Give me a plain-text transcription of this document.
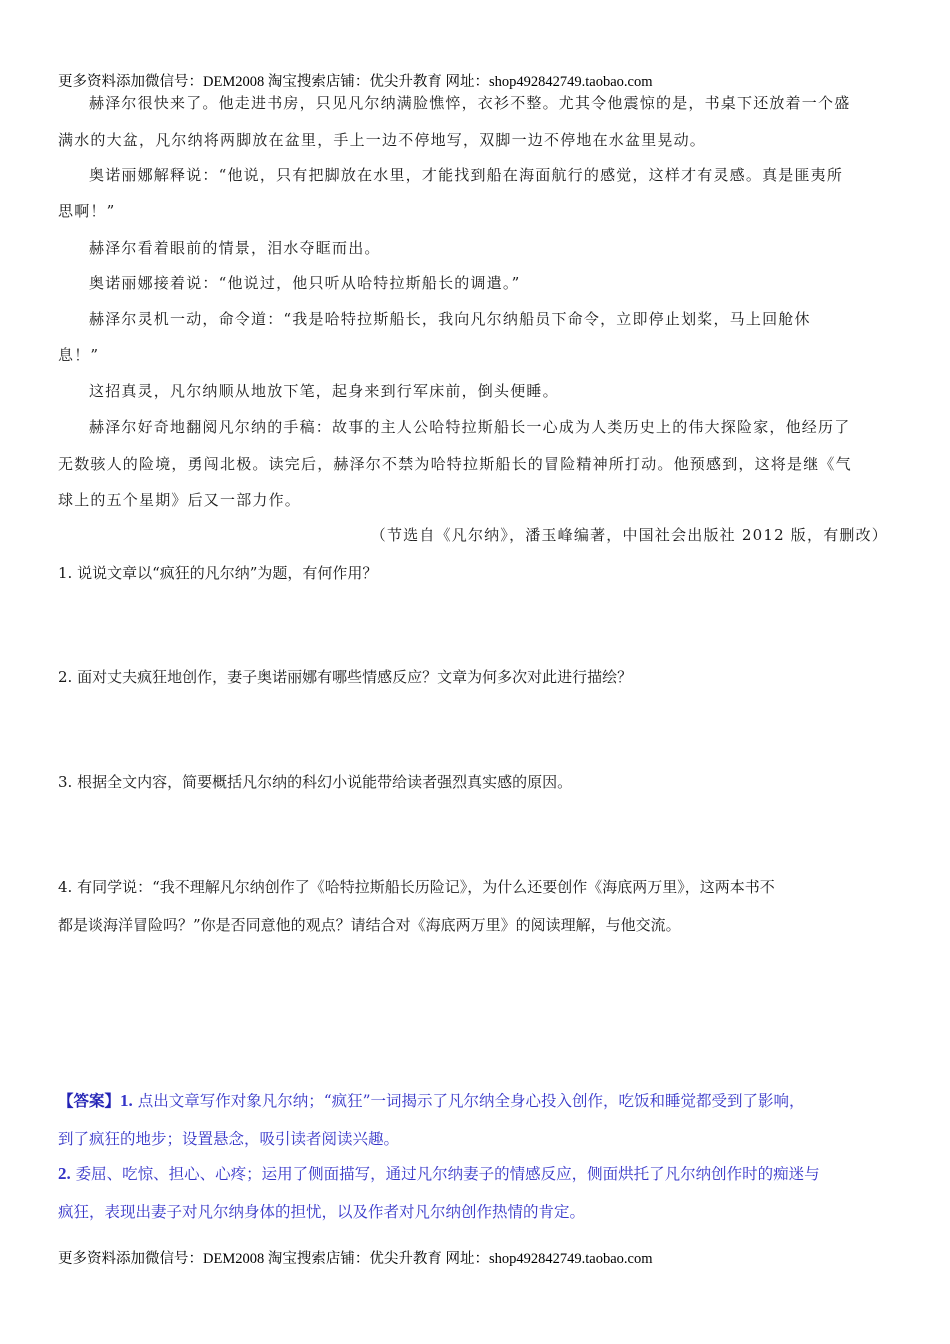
更多资料添加微信号：DEM2008 淘宝搜索店铺：优尖升教育 网址：shop492842749.taobao.com
赫泽尔很快来了。他走进书房，只见凡尔纳满脸憔悴，衣衫不整。尤其令他震惊的是，书桌下还放着一个盛
满水的大盆，凡尔纳将两脚放在盆里，手上一边不停地写，双脚一边不停地在水盆里晃动。
奥诺丽娜解释说：“他说，只有把脚放在水里，才能找到船在海面航行的感觉，这样才有灵感。真是匪夷所
思啊！”
赫泽尔看着眼前的情景，泪水夺眶而出。
奥诺丽娜接着说：“他说过，他只听从哈特拉斯船长的调遣。”
赫泽尔灵机一动，命令道：“我是哈特拉斯船长，我向凡尔纳船员下命令，立即停止划桨，马上回舱休
息！”
这招真灵，凡尔纳顺从地放下笔，起身来到行军床前，倒头便睡。
赫泽尔好奇地翻阅凡尔纳的手稿：故事的主人公哈特拉斯船长一心成为人类历史上的伟大探险家，他经历了
无数骇人的险境，勇闯北极。读完后，赫泽尔不禁为哈特拉斯船长的冒险精神所打动。他预感到，这将是继《气
球上的五个星期》后又一部力作。
（节选自《凡尔纳》，潘玉峰编著，中国社会出版社 2012 版，有删改）
1. 说说文章以“疯狂的凡尔纳”为题，有何作用？
2. 面对丈夫疯狂地创作，妻子奥诺丽娜有哪些情感反应？文章为何多次对此进行描绘？
3. 根据全文内容，简要概括凡尔纳的科幻小说能带给读者强烈真实感的原因。
4. 有同学说：“我不理解凡尔纳创作了《哈特拉斯船长历险记》，为什么还要创作《海底两万里》，这两本书不
都是谈海洋冒险吗？”你是否同意他的观点？请结合对《海底两万里》的阅读理解，与他交流。
【答案】1. 点出文章写作对象凡尔纳；“疯狂”一词揭示了凡尔纳全身心投入创作，吃饭和睡觉都受到了影响，
到了疯狂的地步；设置悬念，吸引读者阅读兴趣。
2. 委屈、吃惊、担心、心疼；运用了侧面描写，通过凡尔纳妻子的情感反应，侧面烘托了凡尔纳创作时的痴迷与
疯狂，表现出妻子对凡尔纳身体的担忧，以及作者对凡尔纳创作热情的肯定。
更多资料添加微信号：DEM2008 淘宝搜索店铺：优尖升教育 网址：shop492842749.taobao.com
